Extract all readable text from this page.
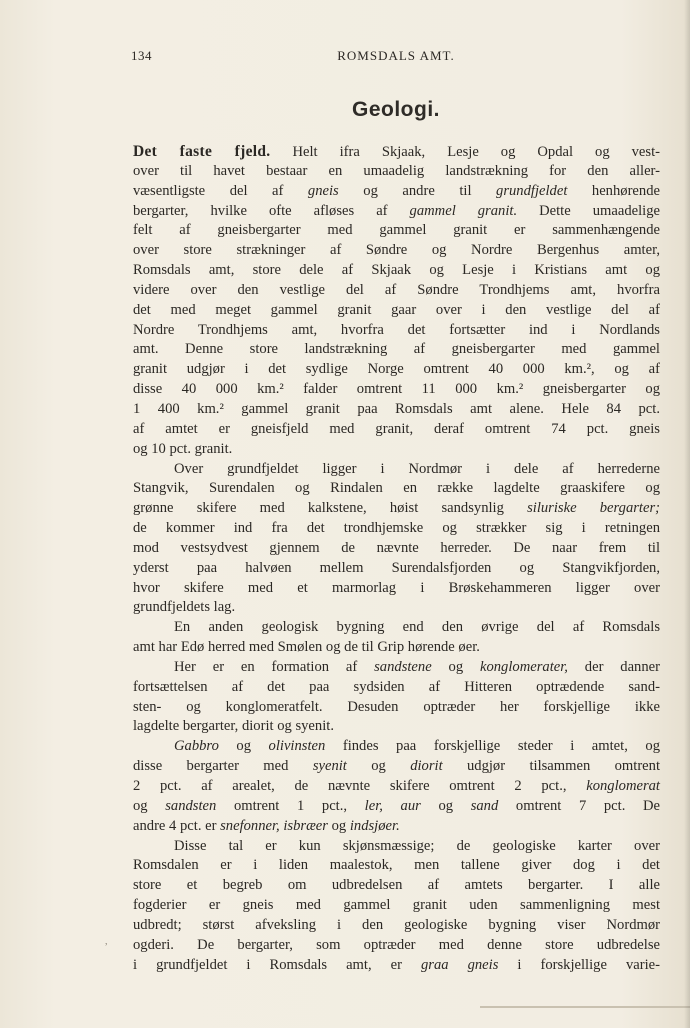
134	ROMSDALS AMT.
Geologi.
Det faste fjeld. Helt ifra Skjaak, Lesje og Opdal og vest-
over til havet bestaar en umaadelig landstrækning for den aller-
væsentligste del af gneis og andre til grundfjeldet henhørende
bergarter, hvilke ofte afløses af gammel granit. Dette umaadelige
felt af gneisbergarter med gammel granit er sammenhængende
over store strækninger af Søndre og Nordre Bergenhus amter,
Romsdals amt, store dele af Skjaak og Lesje i Kristians amt og
videre over den vestlige del af Søndre Trondhjems amt, hvorfra
det med meget gammel granit gaar over i den vestlige del af
Nordre Trondhjems amt, hvorfra det fortsætter ind i Nordlands
amt. Denne store landstrækning af gneisbergarter med gammel
granit udgjør i det sydlige Norge omtrent 40 000 km.², og af
disse 40 000 km.² falder omtrent 11 000 km.² gneisbergarter og
1 400 km.² gammel granit paa Romsdals amt alene. Hele 84 pct.
af amtet er gneisfjeld med granit, deraf omtrent 74 pct. gneis
og 10 pct. granit.
Over grundfjeldet ligger i Nordmør i dele af herrederne
Stangvik, Surendalen og Rindalen en række lagdelte graaskifere og
grønne skifere med kalkstene, høist sandsynlig siluriske bergarter;
de kommer ind fra det trondhjemske og strækker sig i retningen
mod vestsydvest gjennem de nævnte herreder. De naar frem til
yderst paa halvøen mellem Surendalsfjorden og Stangvikfjorden,
hvor skifere med et marmorlag i Brøskehammeren ligger over
grundfjeldets lag.
En anden geologisk bygning end den øvrige del af Romsdals
amt har Edø herred med Smølen og de til Grip hørende øer.
Her er en formation af sandstene og konglomerater, der danner
fortsættelsen af det paa sydsiden af Hitteren optrædende sand-
sten- og konglomeratfelt. Desuden optræder her forskjellige ikke
lagdelte bergarter, diorit og syenit.
Gabbro og olivinsten findes paa forskjellige steder i amtet, og
disse bergarter med syenit og diorit udgjør tilsammen omtrent
2 pct. af arealet, de nævnte skifere omtrent 2 pct., konglomerat
og sandsten omtrent 1 pct., ler, aur og sand omtrent 7 pct. De
andre 4 pct. er snefonner, isbræer og indsjøer.
Disse tal er kun skjønsmæssige; de geologiske karter over
Romsdalen er i liden maalestok, men tallene giver dog i det
store et begreb om udbredelsen af amtets bergarter. I alle
fogderier er gneis med gammel granit uden sammenligning mest
udbredt; størst afveksling i den geologiske bygning viser Nordmør
ogderi. De bergarter, som optræder med denne store udbredelse
i grundfjeldet i Romsdals amt, er graa gneis i forskjellige varie-
,
